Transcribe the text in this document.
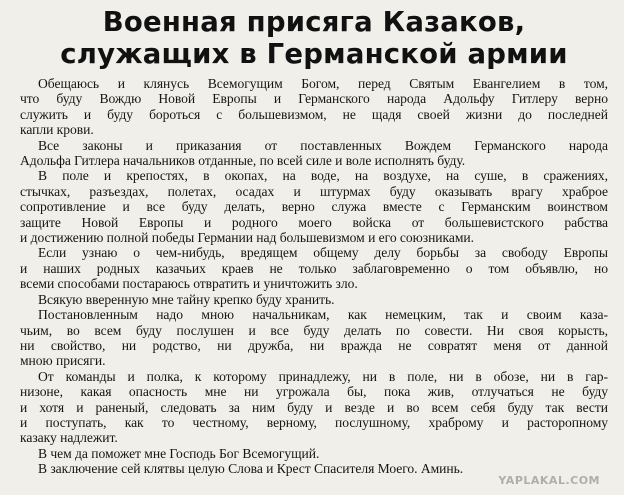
Военная присяга Казаков,
служащих в Германской армии

Обещаюсь и клянусь Всемогущим Богом, перед Святым Евангелием в том,
что буду Вождю Новой Европы и Германского народа Адольфу Гитлеру верно
служить и буду бороться с большевизмом, не щадя своей жизни до последней
капли крови.

Все законы и приказания от поставленных Вождем Германского народа
Адольфа Гитлера начальников отданные, по всей силе и воле исполнять буду.

В поле и крепостях, в окопах, на воде, на воздухе, на суше, в сражениях,
стычках, разъездах, полетах, осадах и штурмах буду оказывать врагу храброе
сопротивление и все буду делать, верно служа вместе с Германским воинством
защите Новой Европы и родного моего войска от большевистского рабства
и достижению полной победы Германии над большевизмом и его союзниками.

Если узнаю о чем-нибудь, вредящем общему делу борьбы за свободу Европы
и наших родных казачьих краев не только заблаговременно о том объявлю, но
всеми способами постараюсь отвратить и уничтожить зло.

Всякую вверенную мне тайну крепко буду хранить.

Постановленным надо мною начальникам, как немецким, так и своим каза-
чьим, во всем буду послушен и все буду делать по совести. Ни своя корысть,
ни свойство, ни родство, ни дружба, ни вражда не совратят меня от данной
мною присяги.

От команды и полка, к которому принадлежу, ни в поле, ни в обозе, ни в гар-
низоне, какая опасность мне ни угрожала бы, пока жив, отлучаться не буду
и хотя и раненый, следовать за ним буду и везде и во всем себя буду так вести
и поступать, как то честному, верному, послушному, храброму и расторопному
казаку надлежит.

В чем да поможет мне Господь Бог Всемогущий.

В заключение сей клятвы целую Слова и Крест Спасителя Моего. Аминь.

YAPLAKAL.COM
